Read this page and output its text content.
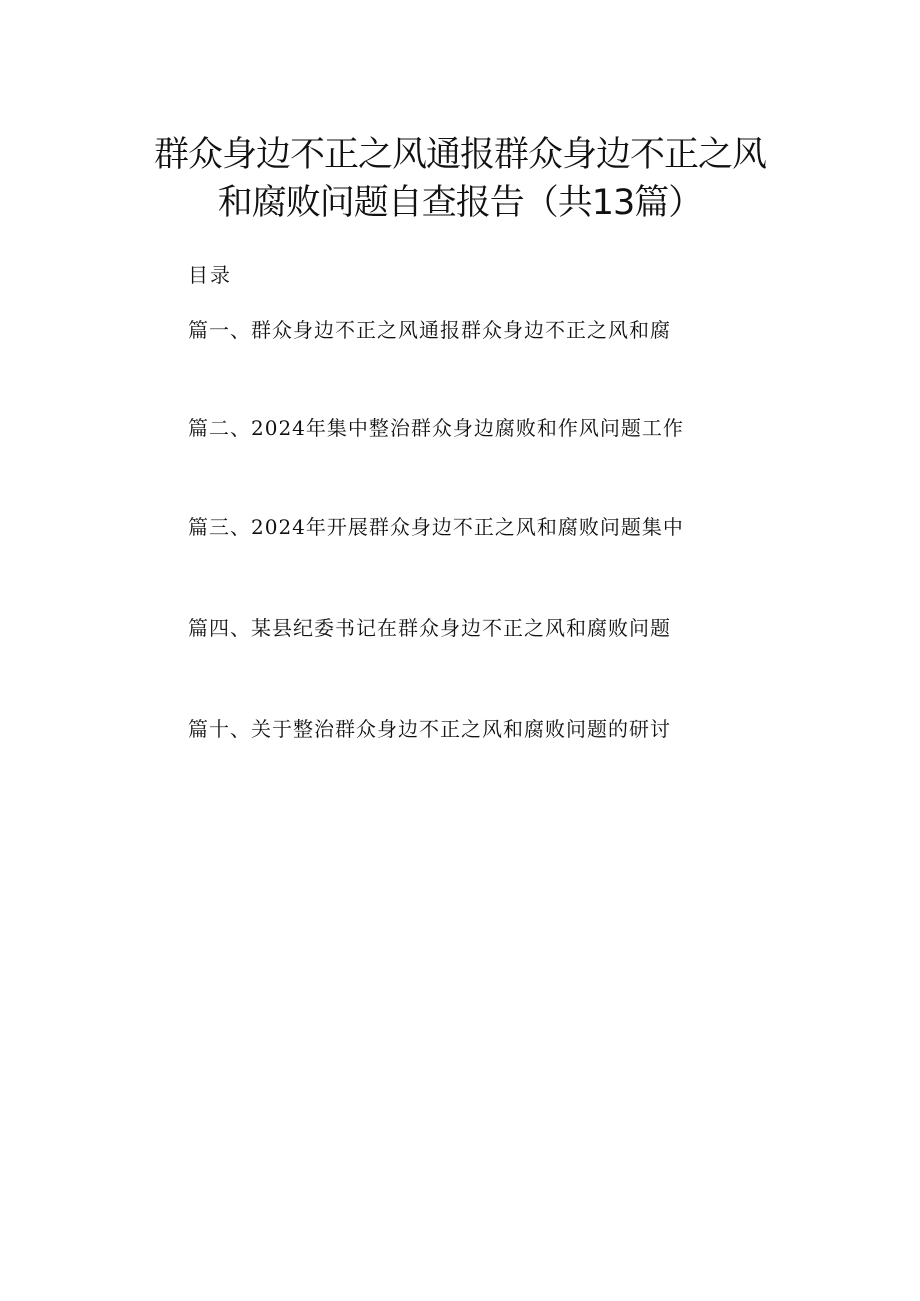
群众身边不正之风通报群众身边不正之风
和腐败问题自查报告（共13篇）
目录
篇一、群众身边不正之风通报群众身边不正之风和腐
篇二、2024年集中整治群众身边腐败和作风问题工作
篇三、2024年开展群众身边不正之风和腐败问题集中
篇四、某县纪委书记在群众身边不正之风和腐败问题
篇十、关于整治群众身边不正之风和腐败问题的研讨
